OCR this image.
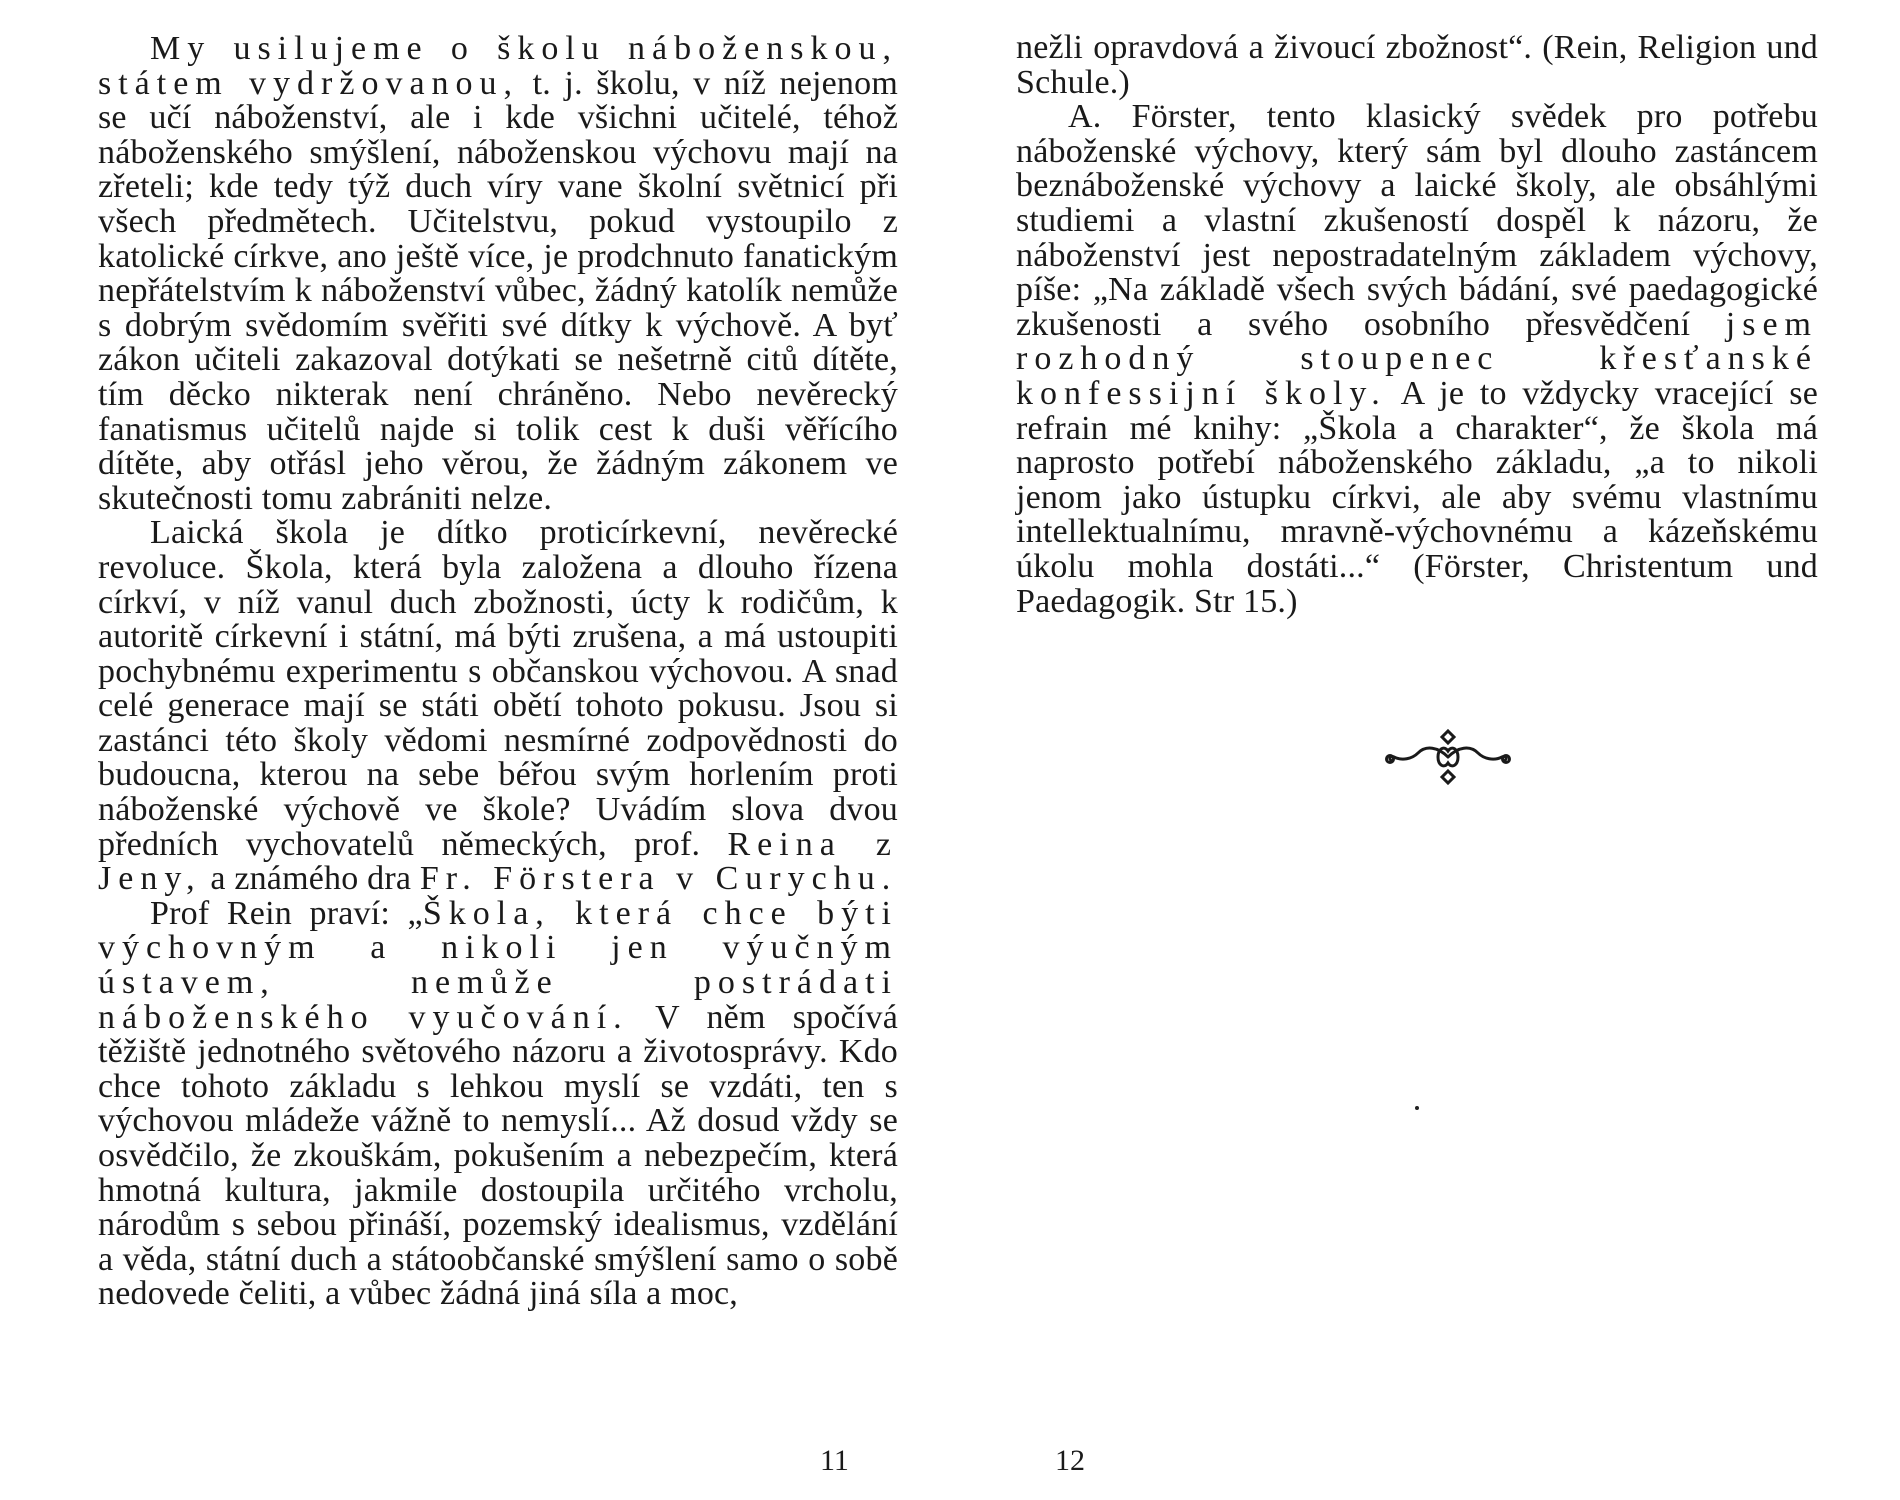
My usilujeme o školu náboženskou, státem vydržovanou, t. j. školu, v níž nejenom se učí náboženství, ale i kde všichni učitelé, téhož náboženského smýšlení, náboženskou výchovu mají na zřeteli; kde tedy týž duch víry vane školní světnicí při všech předmětech. Učitelstvu, pokud vystoupilo z katolické církve, ano ještě více, je prodchnuto fanatickým nepřátelstvím k náboženství vůbec, žádný katolík nemůže s dobrým svědomím svěřiti své dítky k výchově. A byť zákon učiteli zakazoval dotýkati se nešetrně citů dítěte, tím děcko nikterak není chráněno. Nebo nevěrecký fanatismus učitelů najde si tolik cest k duši věřícího dítěte, aby otřásl jeho věrou, že žádným zákonem ve skutečnosti tomu zabrániti nelze.

Laická škola je dítko proticírkevní, nevěrecké revoluce. Škola, která byla založena a dlouho řízena církví, v níž vanul duch zbožnosti, úcty k rodičům, k autoritě církevní i státní, má býti zrušena, a má ustoupiti pochybnému experimentu s občanskou výchovou. A snad celé generace mají se státi obětí tohoto pokusu. Jsou si zastánci této školy vědomi nesmírné zodpovědnosti do budoucna, kterou na sebe béřou svým horlením proti náboženské výchově ve škole? Uvádím slova dvou předních vychovatelů německých, prof. Reina z Jeny, a známého dra Fr. Förstera v Curychu.

Prof Rein praví: „Škola, která chce býti výchovným a nikoli jen výučným ústavem, nemůže postrádati náboženského vyučování. V něm spočívá těžiště jednotného světového názoru a životosprávy. Kdo chce tohoto základu s lehkou myslí se vzdáti, ten s výchovou mládeže vážně to nemyslí... Až dosud vždy se osvědčilo, že zkouškám, pokušením a nebezpečím, která hmotná kultura, jakmile dostoupila určitého vrcholu, národům s sebou přináší, pozemský idealismus, vzdělání a věda, státní duch a státoobčanské smýšlení samo o sobě nedovede čeliti, a vůbec žádná jiná síla a moc,

11

nežli opravdová a živoucí zbožnost“. (Rein, Religion und Schule.)

A. Förster, tento klasický svědek pro potřebu náboženské výchovy, který sám byl dlouho zastáncem beznáboženské výchovy a laické školy, ale obsáhlými studiemi a vlastní zkušeností dospěl k názoru, že náboženství jest nepostradatelným základem výchovy, píše: „Na základě všech svých bádání, své paedagogické zkušenosti a svého osobního přesvědčení jsem rozhodný stoupenec křesťanské konfessijní školy. A je to vždycky vracející se refrain mé knihy: „Škola a charakter“, že škola má naprosto potřebí náboženského základu, „a to nikoli jenom jako ústupku církvi, ale aby svému vlastnímu intellektualnímu, mravně-výchovnému a kázeňskému úkolu mohla dostáti...“ (Förster, Christentum und Paedagogik. Str 15.)

12
